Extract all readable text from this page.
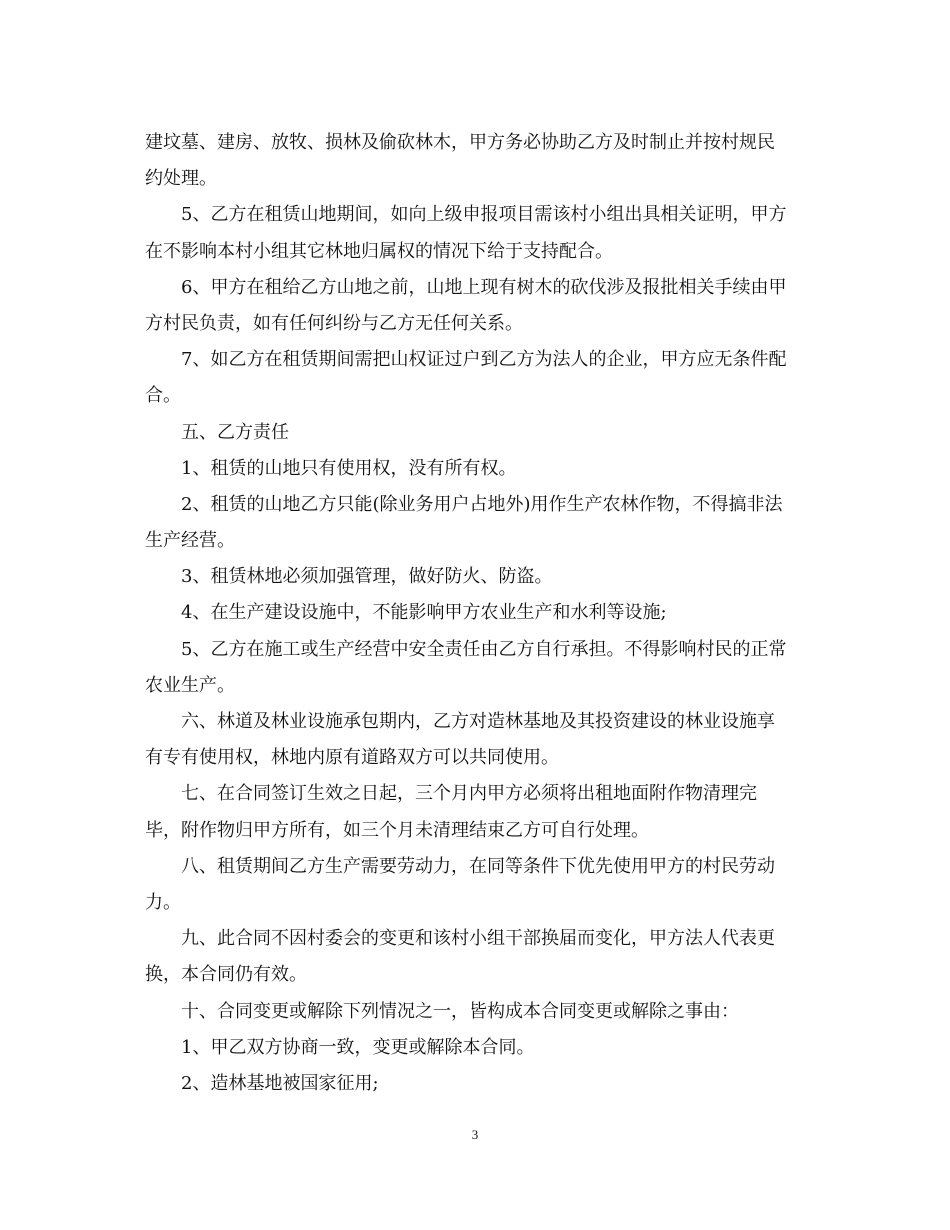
建坟墓、建房、放牧、损林及偷砍林木，甲方务必协助乙方及时制止并按村规民
约处理。
5、乙方在租赁山地期间，如向上级申报项目需该村小组出具相关证明，甲方
在不影响本村小组其它林地归属权的情况下给于支持配合。
6、甲方在租给乙方山地之前，山地上现有树木的砍伐涉及报批相关手续由甲
方村民负责，如有任何纠纷与乙方无任何关系。
7、如乙方在租赁期间需把山权证过户到乙方为法人的企业，甲方应无条件配
合。
五、乙方责任
1、租赁的山地只有使用权，没有所有权。
2、租赁的山地乙方只能(除业务用户占地外)用作生产农林作物，不得搞非法
生产经营。
3、租赁林地必须加强管理，做好防火、防盗。
4、在生产建设设施中，不能影响甲方农业生产和水利等设施;
5、乙方在施工或生产经营中安全责任由乙方自行承担。不得影响村民的正常
农业生产。
六、林道及林业设施承包期内，乙方对造林基地及其投资建设的林业设施享
有专有使用权，林地内原有道路双方可以共同使用。
七、在合同签订生效之日起，三个月内甲方必须将出租地面附作物清理完
毕，附作物归甲方所有，如三个月未清理结束乙方可自行处理。
八、租赁期间乙方生产需要劳动力，在同等条件下优先使用甲方的村民劳动
力。
九、此合同不因村委会的变更和该村小组干部换届而变化，甲方法人代表更
换，本合同仍有效。
十、合同变更或解除下列情况之一，皆构成本合同变更或解除之事由：
1、甲乙双方协商一致，变更或解除本合同。
2、造林基地被国家征用;
3
